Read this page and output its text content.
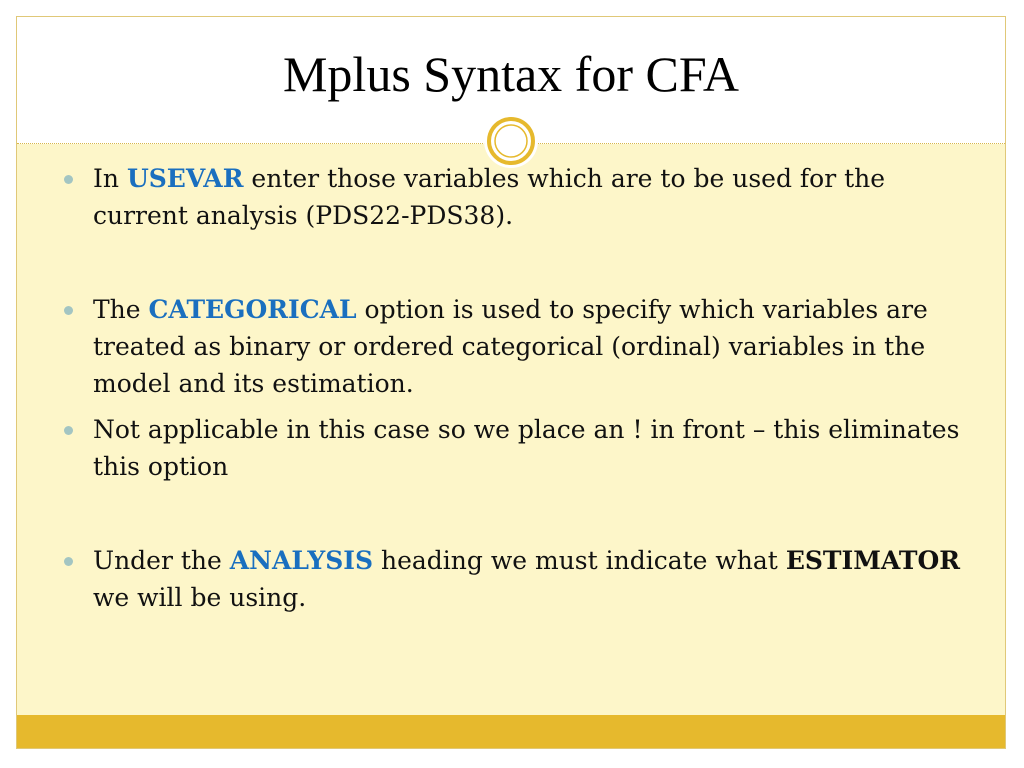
Mplus Syntax for CFA
In USEVAR enter those variables which are to be used for the current analysis (PDS22-PDS38).
The CATEGORICAL option is used to specify which variables are treated as binary or ordered categorical (ordinal) variables in the model and its estimation.
Not applicable in this case so we place an ! in front – this eliminates this option
Under the ANALYSIS heading we must indicate what ESTIMATOR we will be using.
